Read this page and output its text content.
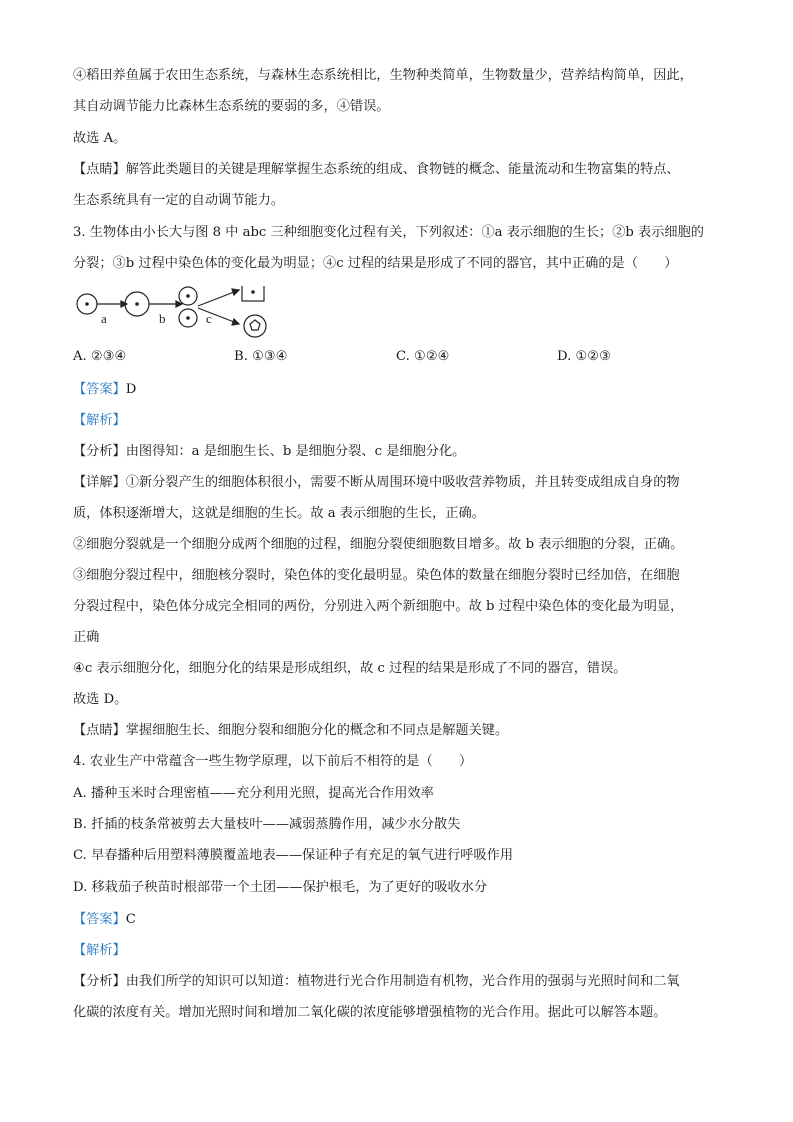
④稻田养鱼属于农田生态系统，与森林生态系统相比，生物种类简单，生物数量少，营养结构简单，因此，
其自动调节能力比森林生态系统的要弱的多，④错误。
故选 A。
【点睛】解答此类题目的关键是理解掌握生态系统的组成、食物链的概念、能量流动和生物富集的特点、
生态系统具有一定的自动调节能力。
3. 生物体由小长大与图 8 中 abc 三种细胞变化过程有关，下列叙述：①a 表示细胞的生长；②b 表示细胞的
分裂；③b 过程中染色体的变化最为明显；④c 过程的结果是形成了不同的器官，其中正确的是（　　）
a	b	c
A. ②③④	B. ①③④	C. ①②④	D. ①②③
【答案】D
【解析】
【分析】由图得知：a 是细胞生长、b 是细胞分裂、c 是细胞分化。
【详解】①新分裂产生的细胞体积很小，需要不断从周围环境中吸收营养物质，并且转变成组成自身的物
质，体积逐渐增大，这就是细胞的生长。故 a 表示细胞的生长，正确。
②细胞分裂就是一个细胞分成两个细胞的过程，细胞分裂使细胞数目增多。故 b 表示细胞的分裂，正确。
③细胞分裂过程中，细胞核分裂时，染色体的变化最明显。染色体的数量在细胞分裂时已经加倍，在细胞
分裂过程中，染色体分成完全相同的两份，分别进入两个新细胞中。故 b 过程中染色体的变化最为明显，
正确
④c 表示细胞分化，细胞分化的结果是形成组织，故 c 过程的结果是形成了不同的器宫，错误。
故选 D。
【点睛】掌握细胞生长、细胞分裂和细胞分化的概念和不同点是解题关键。
4. 农业生产中常蕴含一些生物学原理，以下前后不相符的是（　　）
A. 播种玉米时合理密植——充分利用光照，提高光合作用效率
B. 扦插的枝条常被剪去大量枝叶——减弱蒸腾作用，减少水分散失
C. 早春播种后用塑料薄膜覆盖地表——保证种子有充足的氧气进行呼吸作用
D. 移栽茄子秧苗时根部带一个土团——保护根毛，为了更好的吸收水分
【答案】C
【解析】
【分析】由我们所学的知识可以知道：植物进行光合作用制造有机物，光合作用的强弱与光照时间和二氧
化碳的浓度有关。增加光照时间和增加二氧化碳的浓度能够增强植物的光合作用。据此可以解答本题。
